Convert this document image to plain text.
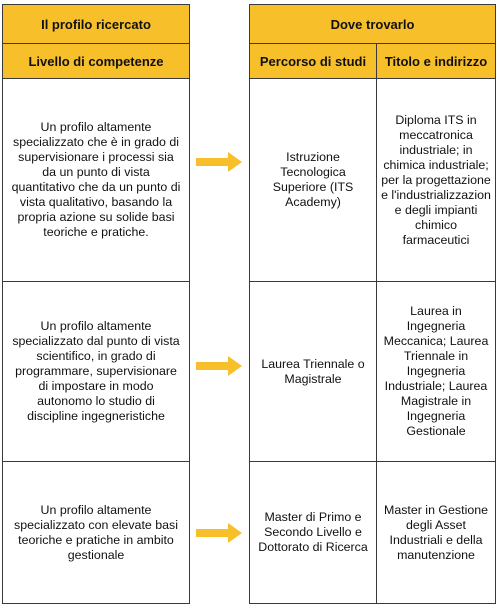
Il profilo ricercato
Livello di competenze
Un profilo altamente specializzato che è in grado di supervisionare i processi sia da un punto di vista quantitativo che da un punto di vista qualitativo, basando la propria azione su solide basi teoriche e pratiche.
Un profilo altamente specializzato dal punto di vista scientifico, in grado di programmare, supervisionare di impostare in modo autonomo lo studio di discipline ingegneristiche
Un profilo altamente specializzato con elevate basi teoriche e pratiche in ambito gestionale
Dove trovarlo
Percorso di studi Titolo e indirizzo
Istruzione Tecnologica Superiore (ITS Academy)
Diploma ITS in meccatronica industriale; in chimica industriale; per la progettazione e l'industrializzazion e degli impianti chimico farmaceutici
Laurea Triennale o Magistrale
Laurea in Ingegneria Meccanica; Laurea Triennale in Ingegneria Industriale; Laurea Magistrale in Ingegneria Gestionale
Master di Primo e Secondo Livello e Dottorato di Ricerca
Master in Gestione degli Asset Industriali e della manutenzione
